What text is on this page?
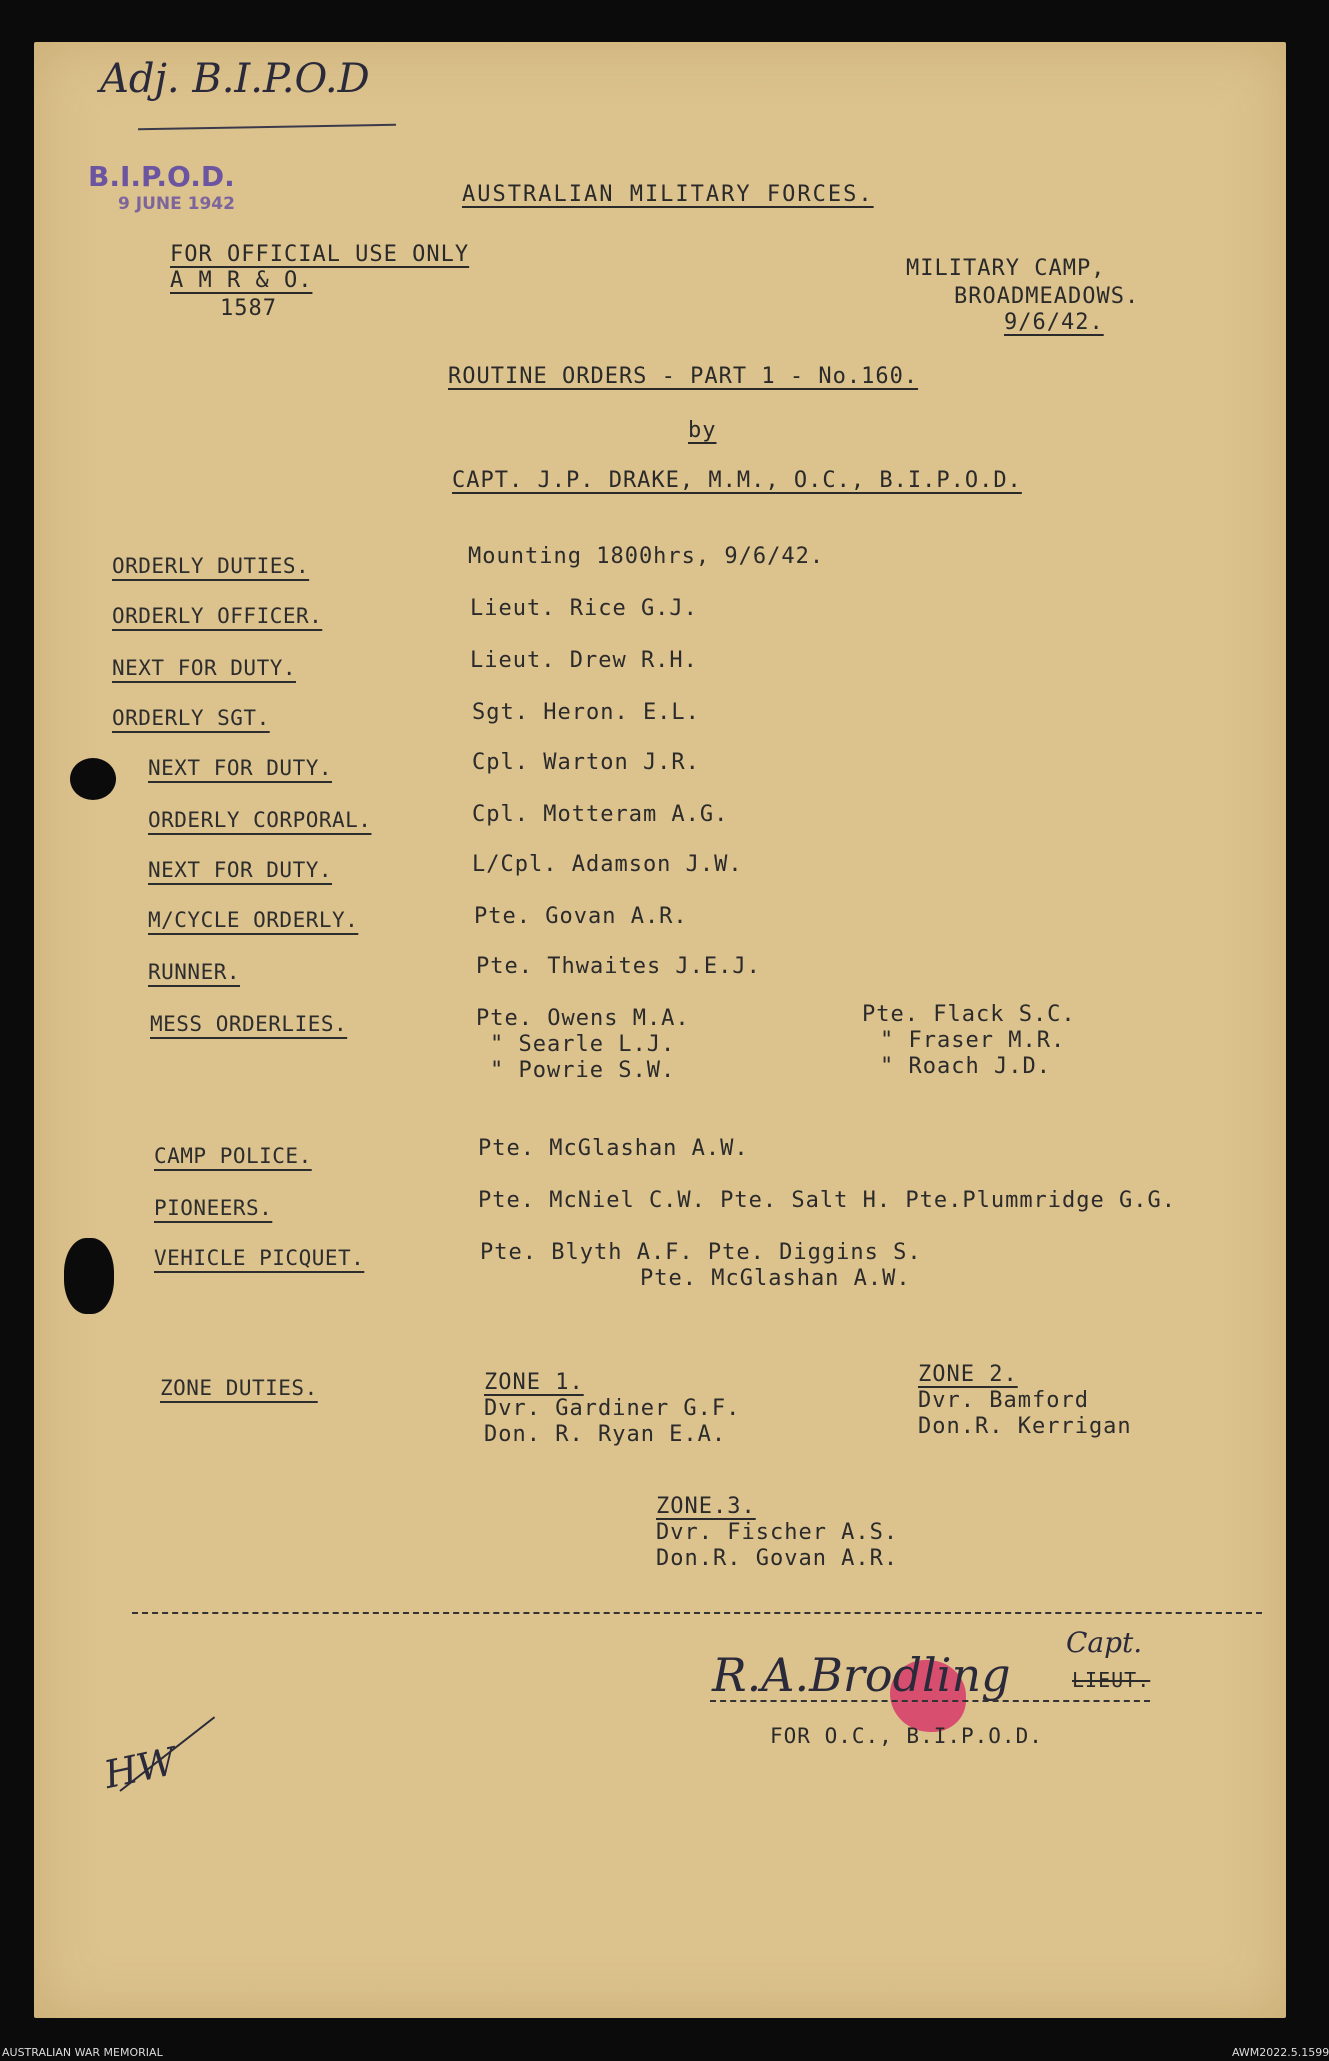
Adj. B.I.P.O.D
B.I.P.O.D.
9 JUNE 1942	AUSTRALIAN MILITARY FORCES.
FOR OFFICIAL USE ONLY
A M R & O.
1587
MILITARY CAMP,
BROADMEADOWS.
9/6/42.
ROUTINE ORDERS - PART 1 - No.160.
by
CAPT. J.P. DRAKE, M.M., O.C., B.I.P.O.D.
ORDERLY DUTIES.	Mounting 1800hrs, 9/6/42.
ORDERLY OFFICER.	Lieut. Rice G.J.
NEXT FOR DUTY.	Lieut. Drew R.H.
ORDERLY SGT.	Sgt. Heron. E.L.
NEXT FOR DUTY.	Cpl. Warton J.R.
ORDERLY CORPORAL.	Cpl. Motteram A.G.
NEXT FOR DUTY.	L/Cpl. Adamson J.W.
M/CYCLE ORDERLY.	Pte. Govan A.R.
RUNNER.	Pte. Thwaites J.E.J.
MESS ORDERLIES.	Pte. Owens M.A.
" Searle L.J.
" Powrie S.W.
Pte. Flack S.C.
" Fraser M.R.
" Roach J.D.
CAMP POLICE.	Pte. McGlashan A.W.
PIONEERS.	Pte. McNiel C.W. Pte. Salt H. Pte.Plummridge G.G.
VEHICLE PICQUET.	Pte. Blyth A.F. Pte. Diggins S.
Pte. McGlashan A.W.
ZONE DUTIES.	ZONE 1.
Dvr. Gardiner G.F.
Don. R. Ryan E.A.
ZONE 2.
Dvr. Bamford
Don.R. Kerrigan
ZONE.3.
Dvr. Fischer A.S.
Don.R. Govan A.R.
R.A.Brodling
Capt.
LIEUT.
FOR O.C., B.I.P.O.D.
HW
AUSTRALIAN WAR MEMORIAL	AWM2022.5.1599
